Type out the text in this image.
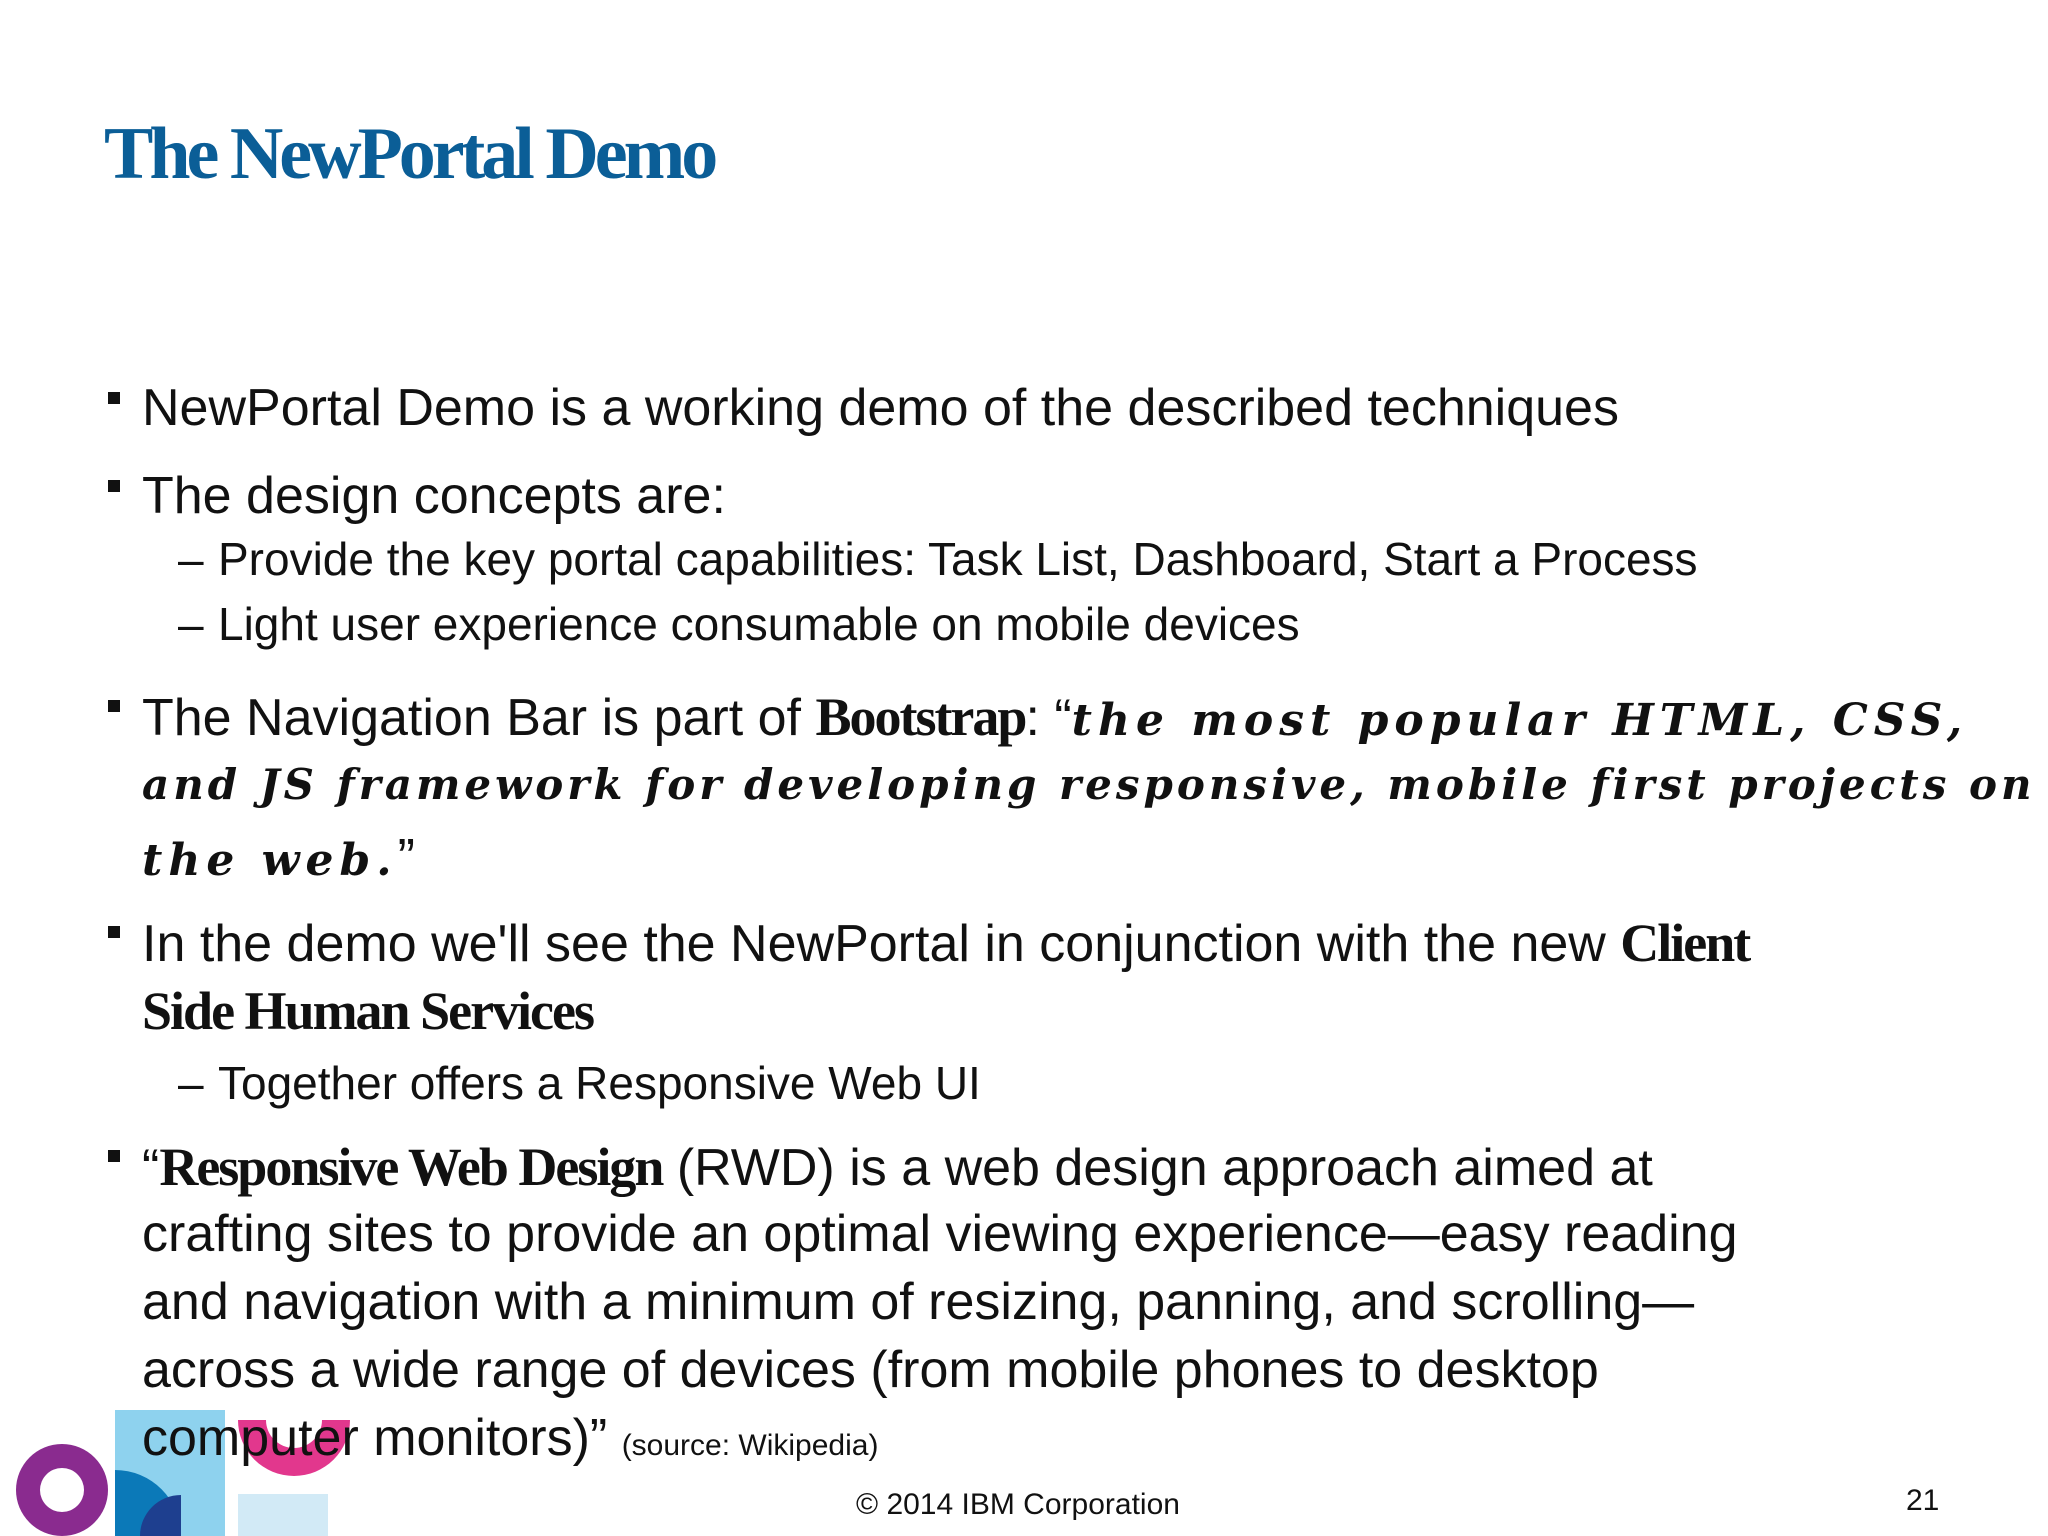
The NewPortal Demo
NewPortal Demo is a working demo of the described techniques
The design concepts are:
– Provide the key portal capabilities: Task List, Dashboard, Start a Process
– Light user experience consumable on mobile devices
The Navigation Bar is part of Bootstrap: “the most popular HTML, CSS,
and JS framework for developing responsive, mobile first projects on
the web.”
In the demo we'll see the NewPortal in conjunction with the new Client
Side Human Services
– Together offers a Responsive Web UI
“Responsive Web Design (RWD) is a web design approach aimed at
crafting sites to provide an optimal viewing experience—easy reading
and navigation with a minimum of resizing, panning, and scrolling—
across a wide range of devices (from mobile phones to desktop
computer monitors)” (source: Wikipedia)
© 2014 IBM Corporation	21
